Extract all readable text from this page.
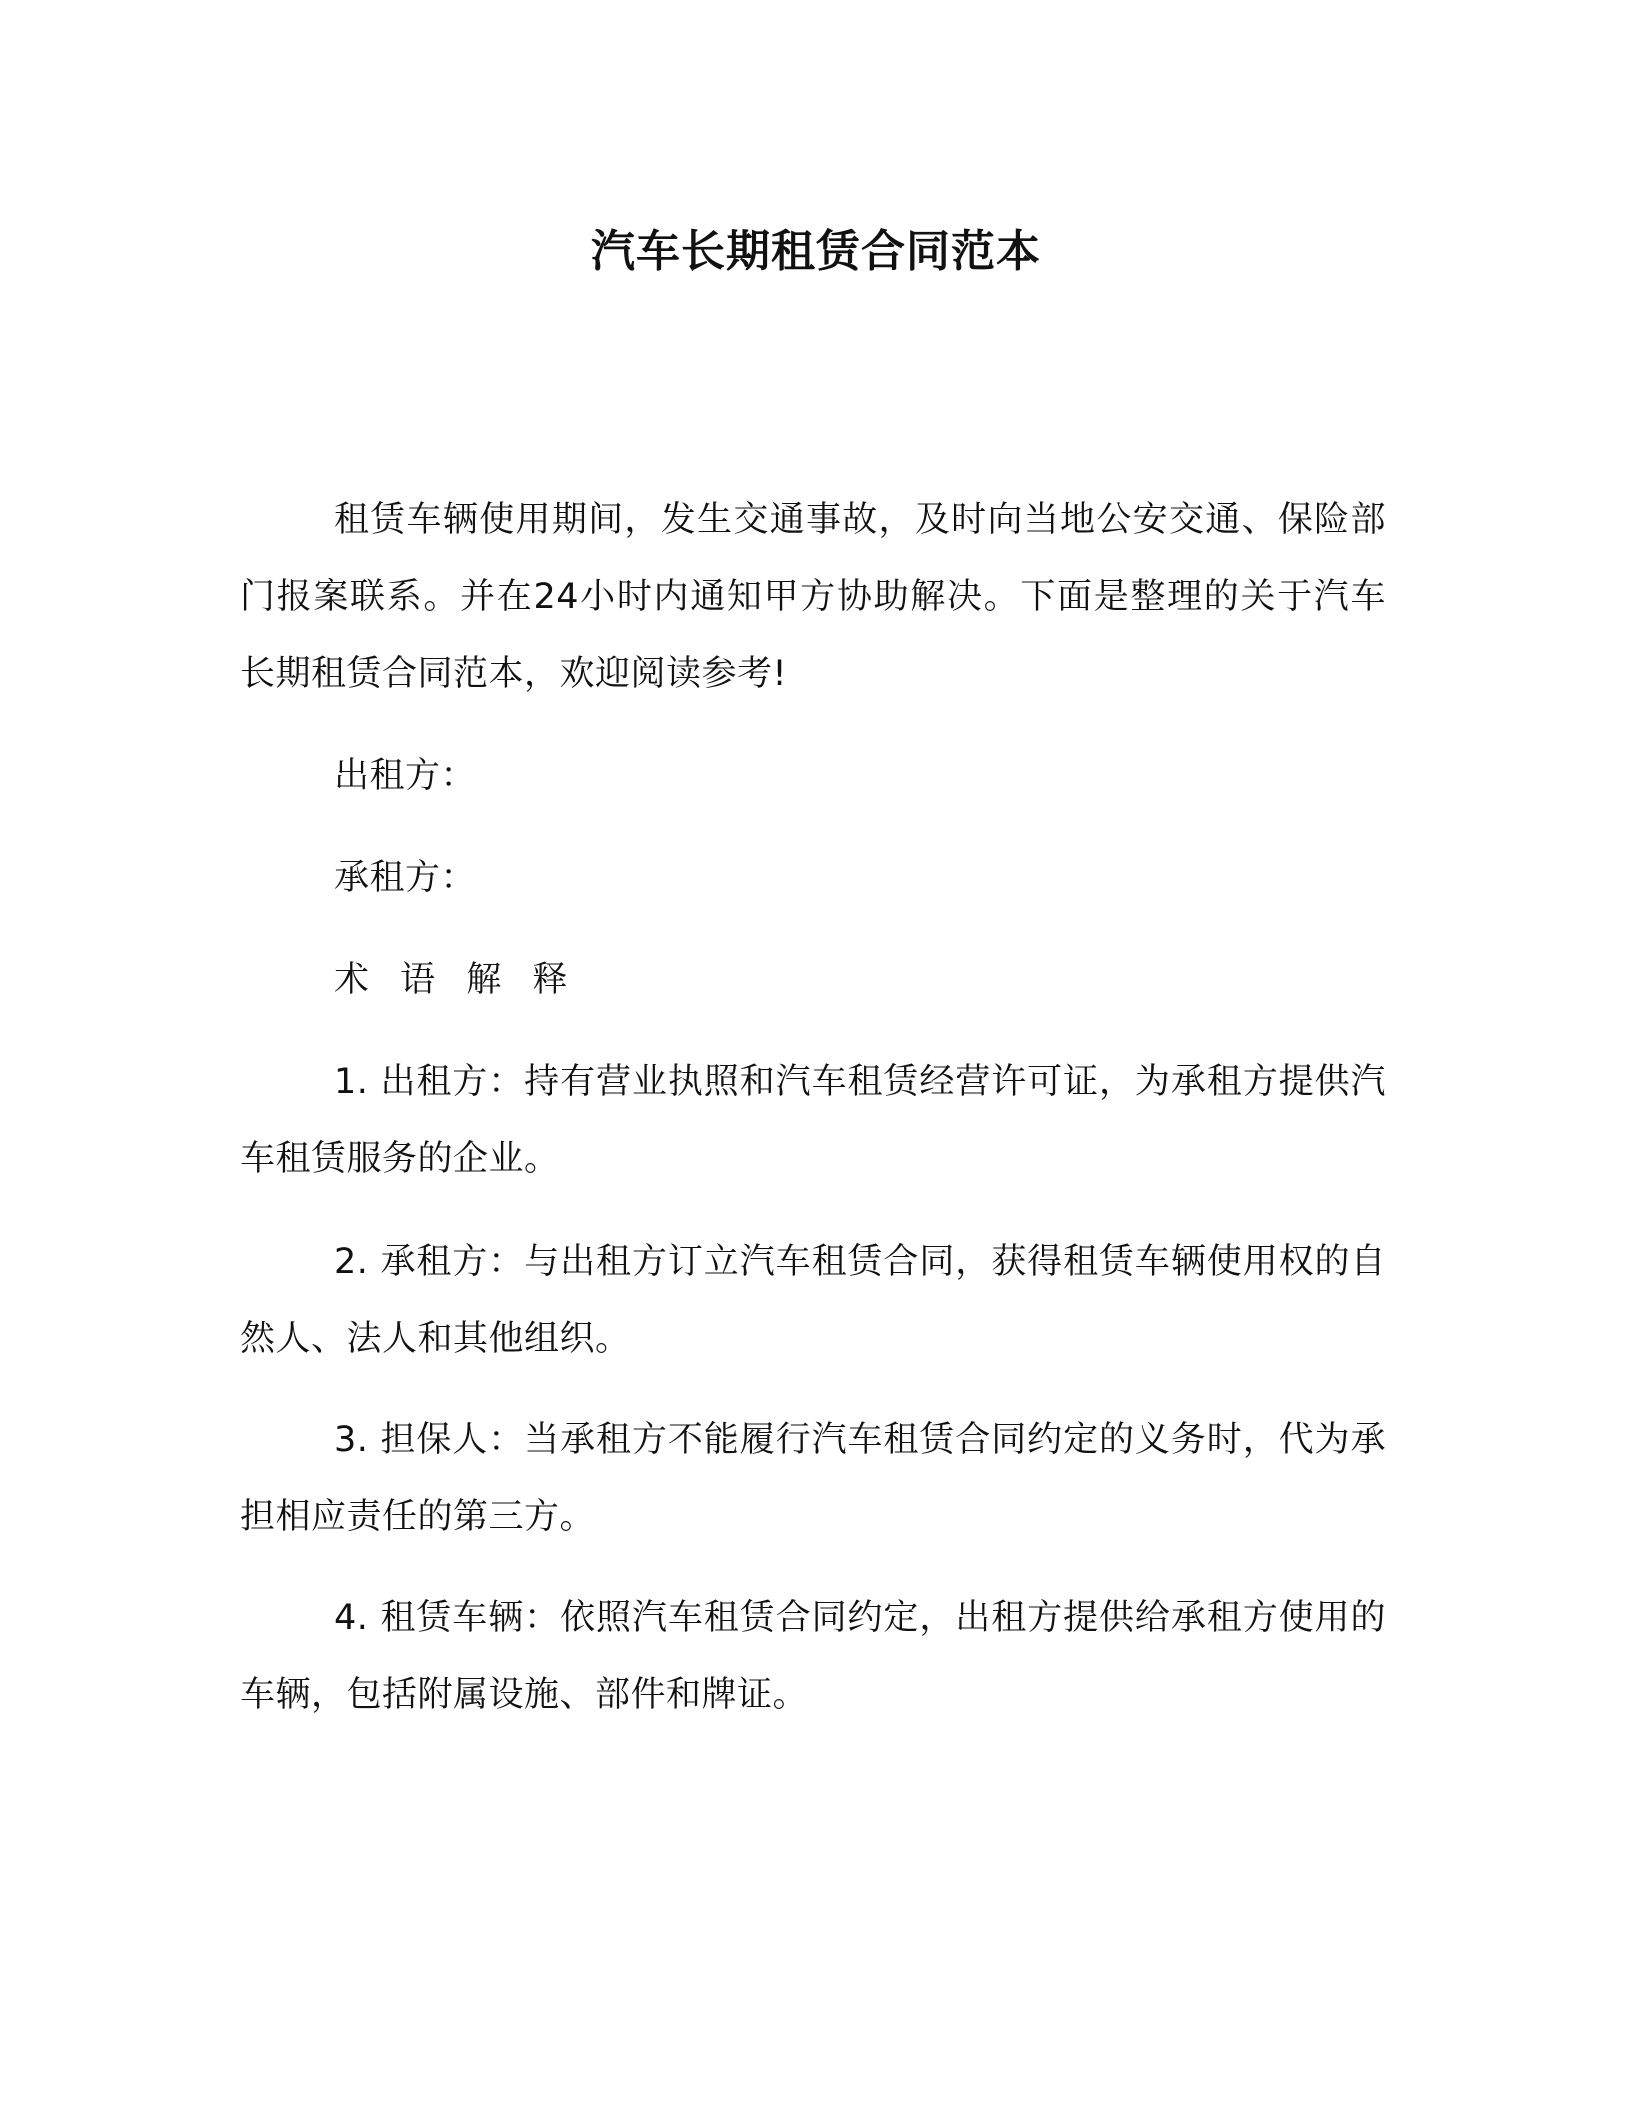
汽车长期租赁合同范本

租赁车辆使用期间，发生交通事故，及时向当地公安交通、保险部门报案联系。并在24小时内通知甲方协助解决。下面是整理的关于汽车长期租赁合同范本，欢迎阅读参考!

出租方：

承租方：

术 语 解 释

1. 出租方：持有营业执照和汽车租赁经营许可证，为承租方提供汽车租赁服务的企业。

2. 承租方：与出租方订立汽车租赁合同，获得租赁车辆使用权的自然人、法人和其他组织。

3. 担保人：当承租方不能履行汽车租赁合同约定的义务时，代为承担相应责任的第三方。

4. 租赁车辆：依照汽车租赁合同约定，出租方提供给承租方使用的车辆，包括附属设施、部件和牌证。
